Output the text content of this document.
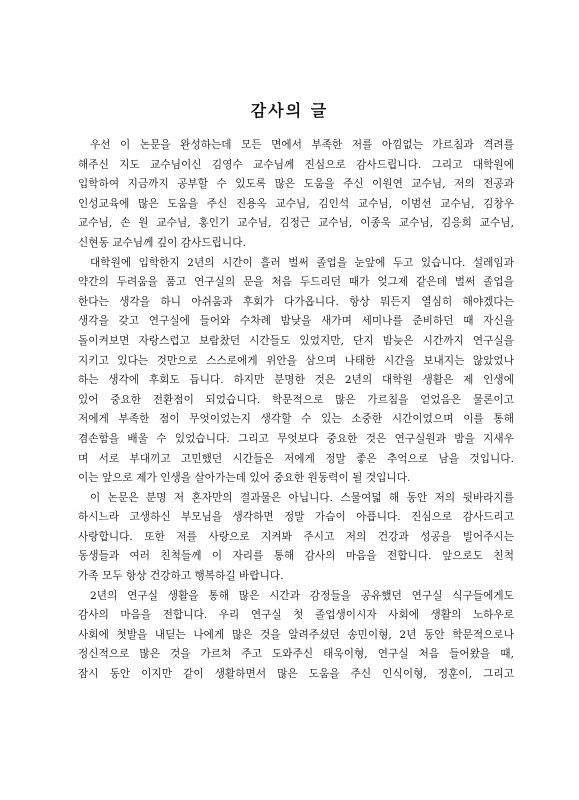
감사의 글
우선 이 논문을 완성하는데 모든 면에서 부족한 저를 아낌없는 가르침과 격려를
해주신 지도 교수님이신 김영수 교수님께 진심으로 감사드립니다. 그리고 대학원에
입학하여 지금까지 공부할 수 있도록 많은 도움을 주신 이원연 교수님, 저의 전공과
인성교육에 많은 도움을 주신 진용옥 교수님, 김인석 교수님, 이범선 교수님, 김창우
교수님, 손 원 교수님, 홍인기 교수님, 김정근 교수님, 이종욱 교수님, 김응희 교수님,
신현동 교수님께 깊이 감사드립니다.
대학원에 입학한지 2년의 시간이 흘러 벌써 졸업을 눈앞에 두고 있습니다. 설레임과
약간의 두려움을 품고 연구실의 문을 처음 두드리던 때가 엊그제 같은데 벌써 졸업을
한다는 생각을 하니 아쉬움과 후회가 다가옵니다. 항상 뭐든지 열심히 해야겠다는
생각을 갖고 연구실에 들어와 수차례 밤낮을 새가며 세미나를 준비하던 때 자신을
돌이켜보면 자랑스럽고 보람찼던 시간들도 있었지만, 단지 밤늦은 시간까지 연구실을
지키고 있다는 것만으로 스스로에게 위안을 삼으며 나태한 시간을 보내지는 않았었나
하는 생각에 후회도 듭니다. 하지만 분명한 것은 2년의 대학원 생활은 제 인생에
있어 중요한 전환점이 되었습니다. 학문적으로 많은 가르침을 얻었음은 물론이고
저에게 부족한 점이 무엇이었는지 생각할 수 있는 소중한 시간이었으며 이를 통해
겸손함을 배울 수 있었습니다. 그리고 무엇보다 중요한 것은 연구실원과 밤을 지새우
며 서로 부대끼고 고민했던 시간들은 저에게 정말 좋은 추억으로 남을 것입니다.
이는 앞으로 제가 인생을 살아가는데 있어 중요한 원동력이 될 것입니다.
이 논문은 분명 저 혼자만의 결과물은 아닙니다. 스물여덟 해 동안 저의 뒷바라지를
하시느라 고생하신 부모님을 생각하면 정말 가슴이 아픕니다. 진심으로 감사드리고
사랑합니다. 또한 저를 사랑으로 지켜봐 주시고 저의 건강과 성공을 빌어주시는
동생들과 여러 친척들께 이 자리를 통해 감사의 마음을 전합니다. 앞으로도 친척
가족 모두 항상 건강하고 행복하길 바랍니다.
2년의 연구실 생활을 통해 많은 시간과 감정들을 공유했던 연구실 식구들에게도
감사의 마음을 전합니다. 우리 연구실 첫 졸업생이시자 사회에 생활의 노하우로
사회에 첫발을 내딛는 나에게 많은 것을 알려주셨던 송민이형, 2년 동안 학문적으로나
정신적으로 많은 것을 가르쳐 주고 도와주신 태욱이형, 연구실 처음 들어왔을 때,
잠시 동안 이지만 같이 생활하면서 많은 도움을 주신 인식이형, 정훈이, 그리고
